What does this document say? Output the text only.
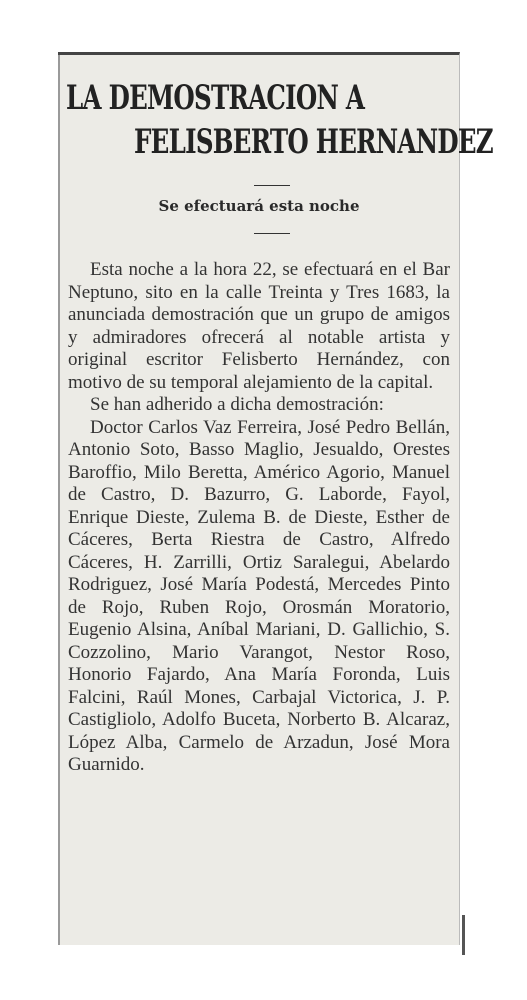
LA DEMOSTRACION A
FELISBERTO HERNANDEZ
Se efectuará esta noche

Esta noche a la hora 22, se efectuará en el Bar Neptuno, sito en la calle Treinta y Tres 1683, la anunciada demostración que un grupo de amigos y admiradores ofrecerá al notable artista y original escritor Felisberto Hernández, con motivo de su temporal alejamiento de la capital.

Se han adherido a dicha demostración:

Doctor Carlos Vaz Ferreira, José Pedro Bellán, Antonio Soto, Basso Maglio, Jesualdo, Orestes Baroffio, Milo Beretta, Américo Agorio, Manuel de Castro, D. Bazurro, G. Laborde, Fayol, Enrique Dieste, Zulema B. de Dieste, Esther de Cáceres, Berta Riestra de Castro, Alfredo Cáceres, H. Zarrilli, Ortiz Saralegui, Abelardo Rodriguez, José María Podestá, Mercedes Pinto de Rojo, Ruben Rojo, Orosmán Moratorio, Eugenio Alsina, Aníbal Mariani, D. Gallichio, S. Cozzolino, Mario Varangot, Nestor Roso, Honorio Fajardo, Ana María Foronda, Luis Falcini, Raúl Mones, Carbajal Victorica, J. P. Castigliolo, Adolfo Buceta, Norberto B. Alcaraz, López Alba, Carmelo de Arzadun, José Mora Guarnido.
